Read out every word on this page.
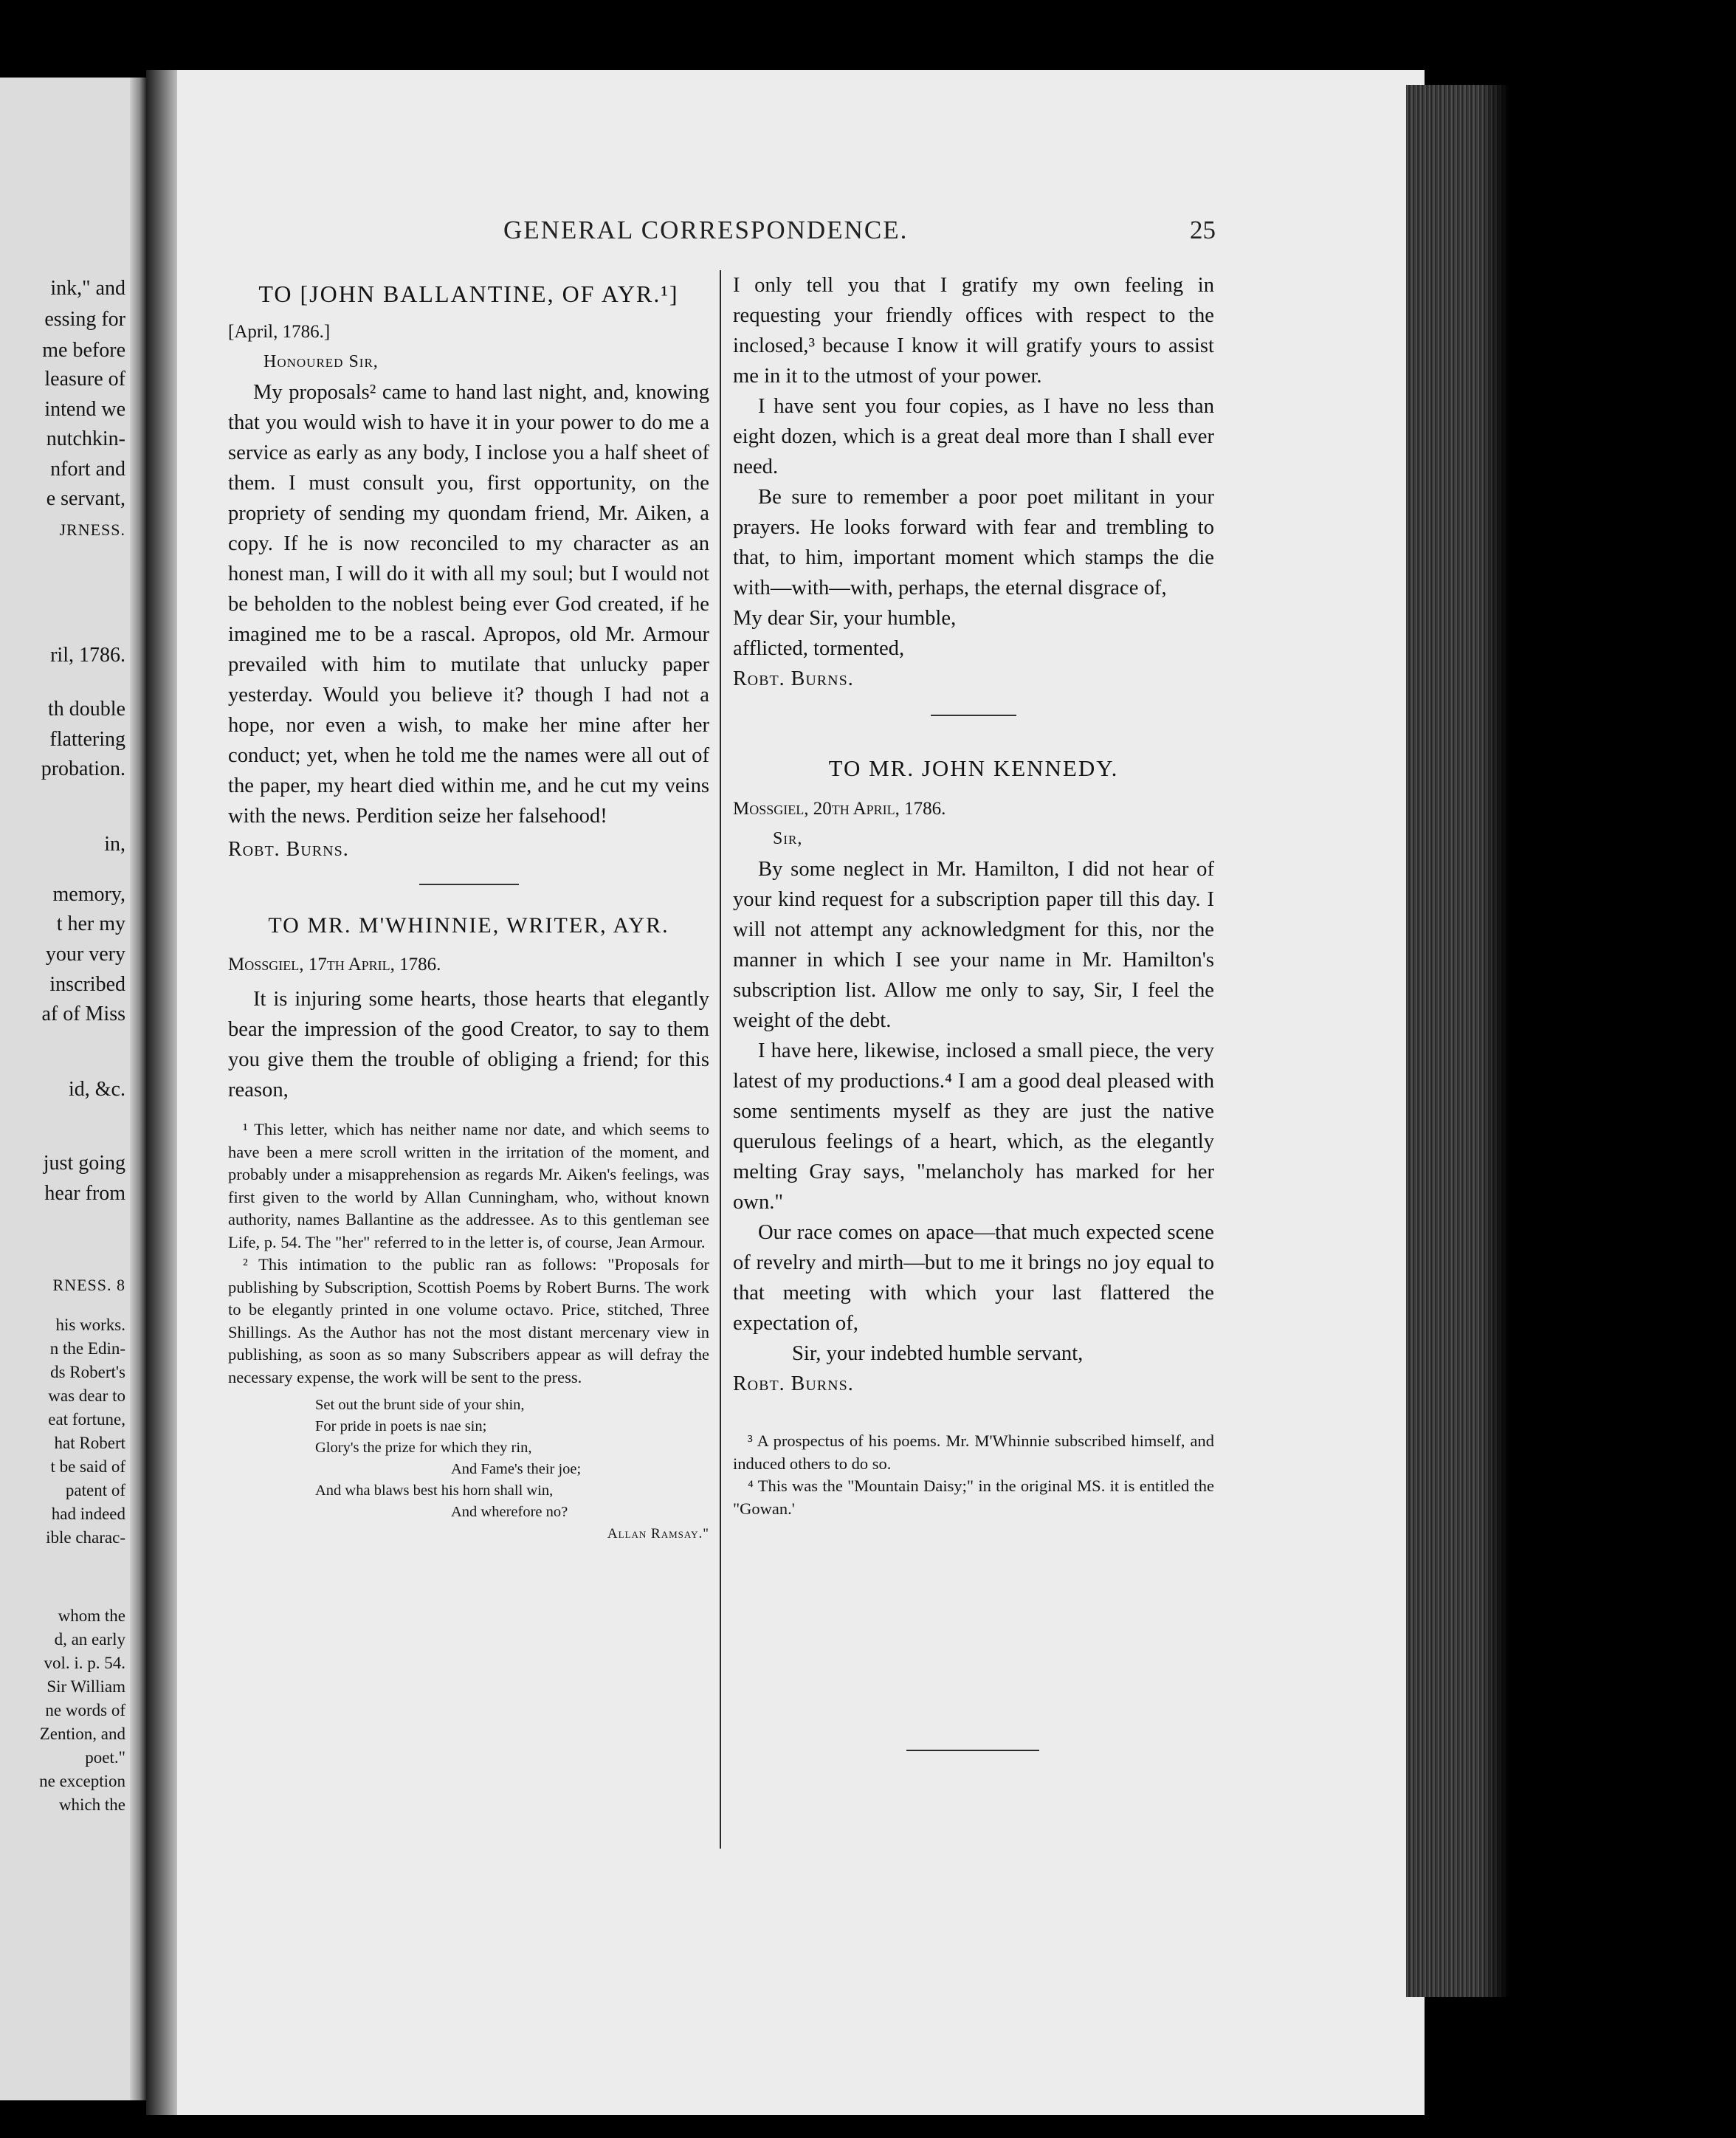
ink," and
essing for
me before
leasure of
intend we
nutchkin-
nfort and
e servant,
JRNESS.
ril, 1786.
th double
flattering
probation.
in,
memory,
t her my
your very
inscribed
af of Miss
id, &c.
just going
hear from
RNESS. 8
his works.
n the Edin-
ds Robert's
was dear to
eat fortune,
hat Robert
t be said of
patent of
had indeed
ible charac-
whom the
d, an early
vol. i. p. 54.
Sir William
ne words of
Zention, and
poet."
ne exception
which the
GENERAL CORRESPONDENCE.	25
TO [JOHN BALLANTINE, OF AYR.¹]

[April, 1786.]

Honoured Sir,

My proposals² came to hand last night, and, knowing that you would wish to have it in your power to do me a service as early as any body, I inclose you a half sheet of them. I must consult you, first opportunity, on the propriety of sending my quondam friend, Mr. Aiken, a copy. If he is now reconciled to my character as an honest man, I will do it with all my soul; but I would not be beholden to the noblest being ever God created, if he imagined me to be a rascal. Apropos, old Mr. Armour prevailed with him to mutilate that unlucky paper yesterday. Would you believe it? though I had not a hope, nor even a wish, to make her mine after her conduct; yet, when he told me the names were all out of the paper, my heart died within me, and he cut my veins with the news. Perdition seize her falsehood!

Robt. Burns.

TO MR. M'WHINNIE, WRITER, AYR.

Mossgiel, 17th April, 1786.

It is injuring some hearts, those hearts that elegantly bear the impression of the good Creator, to say to them you give them the trouble of obliging a friend; for this reason,

¹ This letter, which has neither name nor date, and which seems to have been a mere scroll written in the irritation of the moment, and probably under a misapprehension as regards Mr. Aiken's feelings, was first given to the world by Allan Cunningham, who, without known authority, names Ballantine as the addressee. As to this gentleman see Life, p. 54. The "her" referred to in the letter is, of course, Jean Armour.

² This intimation to the public ran as follows: "Proposals for publishing by Subscription, Scottish Poems by Robert Burns. The work to be elegantly printed in one volume octavo. Price, stitched, Three Shillings. As the Author has not the most distant mercenary view in publishing, as soon as so many Subscribers appear as will defray the necessary expense, the work will be sent to the press.

Set out the brunt side of your shin,
For pride in poets is nae sin;
Glory's the prize for which they rin,
And Fame's their joe;
And wha blaws best his horn shall win,
And wherefore no?
Allan Ramsay."

I only tell you that I gratify my own feeling in requesting your friendly offices with respect to the inclosed,³ because I know it will gratify yours to assist me in it to the utmost of your power.

I have sent you four copies, as I have no less than eight dozen, which is a great deal more than I shall ever need.

Be sure to remember a poor poet militant in your prayers. He looks forward with fear and trembling to that, to him, important moment which stamps the die with—with—with, perhaps, the eternal disgrace of,

My dear Sir, your humble,

afflicted, tormented,

Robt. Burns.

TO MR. JOHN KENNEDY.

Mossgiel, 20th April, 1786.

Sir,

By some neglect in Mr. Hamilton, I did not hear of your kind request for a subscription paper till this day. I will not attempt any acknowledgment for this, nor the manner in which I see your name in Mr. Hamilton's subscription list. Allow me only to say, Sir, I feel the weight of the debt.

I have here, likewise, inclosed a small piece, the very latest of my productions.⁴ I am a good deal pleased with some sentiments myself as they are just the native querulous feelings of a heart, which, as the elegantly melting Gray says, "melancholy has marked for her own."

Our race comes on apace—that much expected scene of revelry and mirth—but to me it brings no joy equal to that meeting with which your last flattered the expectation of,

Sir, your indebted humble servant,

Robt. Burns.

³ A prospectus of his poems. Mr. M'Whinnie subscribed himself, and induced others to do so.

⁴ This was the "Mountain Daisy;" in the original MS. it is entitled the "Gowan.'
